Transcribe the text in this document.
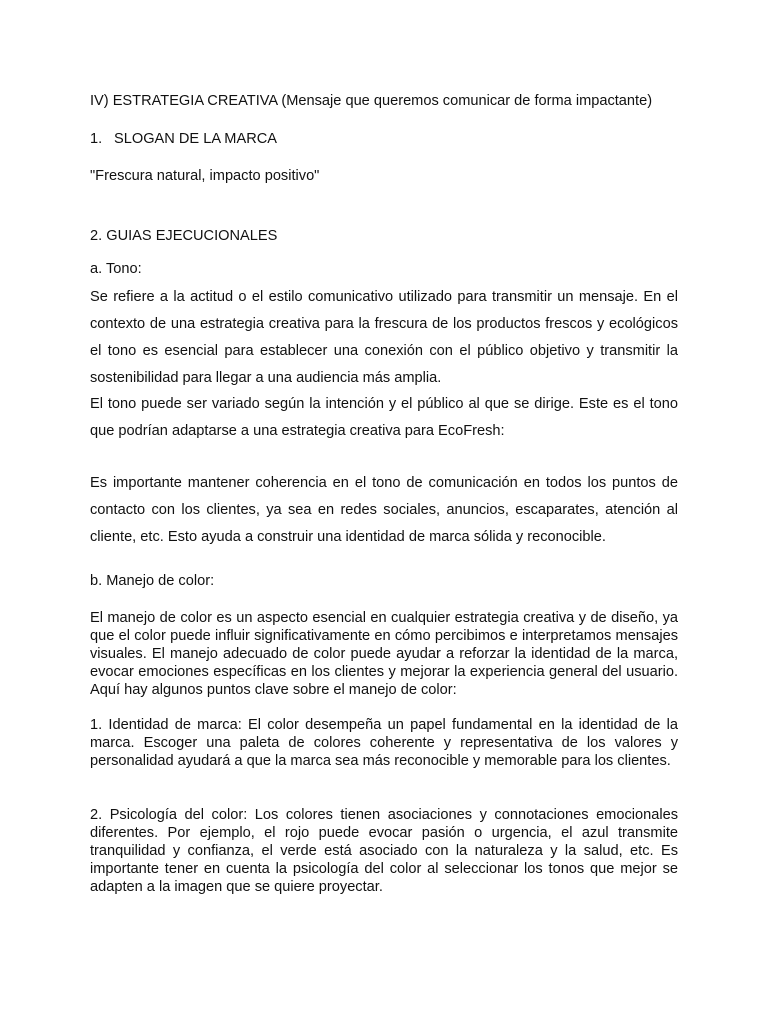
IV) ESTRATEGIA CREATIVA (Mensaje que queremos comunicar de forma impactante)

1. SLOGAN DE LA MARCA

"Frescura natural, impacto positivo"

2. GUIAS EJECUCIONALES

a. Tono:

Se refiere a la actitud o el estilo comunicativo utilizado para transmitir un mensaje. En el contexto de una estrategia creativa para la frescura de los productos frescos y ecológicos el tono es esencial para establecer una conexión con el público objetivo y transmitir la sostenibilidad para llegar a una audiencia más amplia.

El tono puede ser variado según la intención y el público al que se dirige. Este es el tono que podrían adaptarse a una estrategia creativa para EcoFresh:

Es importante mantener coherencia en el tono de comunicación en todos los puntos de contacto con los clientes, ya sea en redes sociales, anuncios, escaparates, atención al cliente, etc. Esto ayuda a construir una identidad de marca sólida y reconocible.

b. Manejo de color:

El manejo de color es un aspecto esencial en cualquier estrategia creativa y de diseño, ya que el color puede influir significativamente en cómo percibimos e interpretamos mensajes visuales. El manejo adecuado de color puede ayudar a reforzar la identidad de la marca, evocar emociones específicas en los clientes y mejorar la experiencia general del usuario. Aquí hay algunos puntos clave sobre el manejo de color:

1. Identidad de marca: El color desempeña un papel fundamental en la identidad de la marca. Escoger una paleta de colores coherente y representativa de los valores y personalidad ayudará a que la marca sea más reconocible y memorable para los clientes.

2. Psicología del color: Los colores tienen asociaciones y connotaciones emocionales diferentes. Por ejemplo, el rojo puede evocar pasión o urgencia, el azul transmite tranquilidad y confianza, el verde está asociado con la naturaleza y la salud, etc. Es importante tener en cuenta la psicología del color al seleccionar los tonos que mejor se adapten a la imagen que se quiere proyectar.
